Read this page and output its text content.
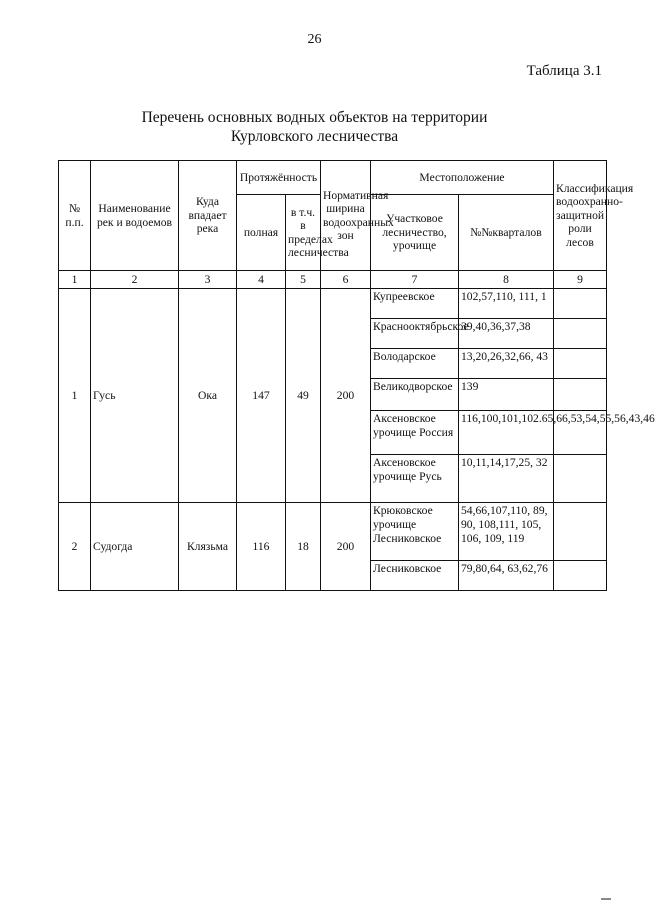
26
Таблица 3.1
Перечень основных водных объектов на территории
Курловского лесничества
№ п.п.	Наименование рек и водоемов	Куда впадает река	Протяжённость		Нормативная ширина водоохранных зон	Местоположение		Классификация водоохранно-защитной роли лесов
			полная	в т.ч. в пределах лесничества		Участковое лесничество, урочище	№№кварталов	
1	2	3	4	5	6	7	8	9
1	Гусь	Ока	147	49	200	Купреевское	102,57,110, 111, 1	
						Краснооктябрьское	39,40,36,37,38	
						Володарское	13,20,26,32,66, 43	
						Великодворское	139	
						Аксеновское урочище Россия	116,100,101,102.65,66,53,54,55,56,43,46	
						Аксеновское урочище Русь	10,11,14,17,25, 32	
2	Судогда	Клязьма	116	18	200	Крюковское урочище Лесниковское	54,66,107,110, 89, 90, 108,111, 105, 106, 109, 119	
						Лесниковское	79,80,64, 63,62,76	
